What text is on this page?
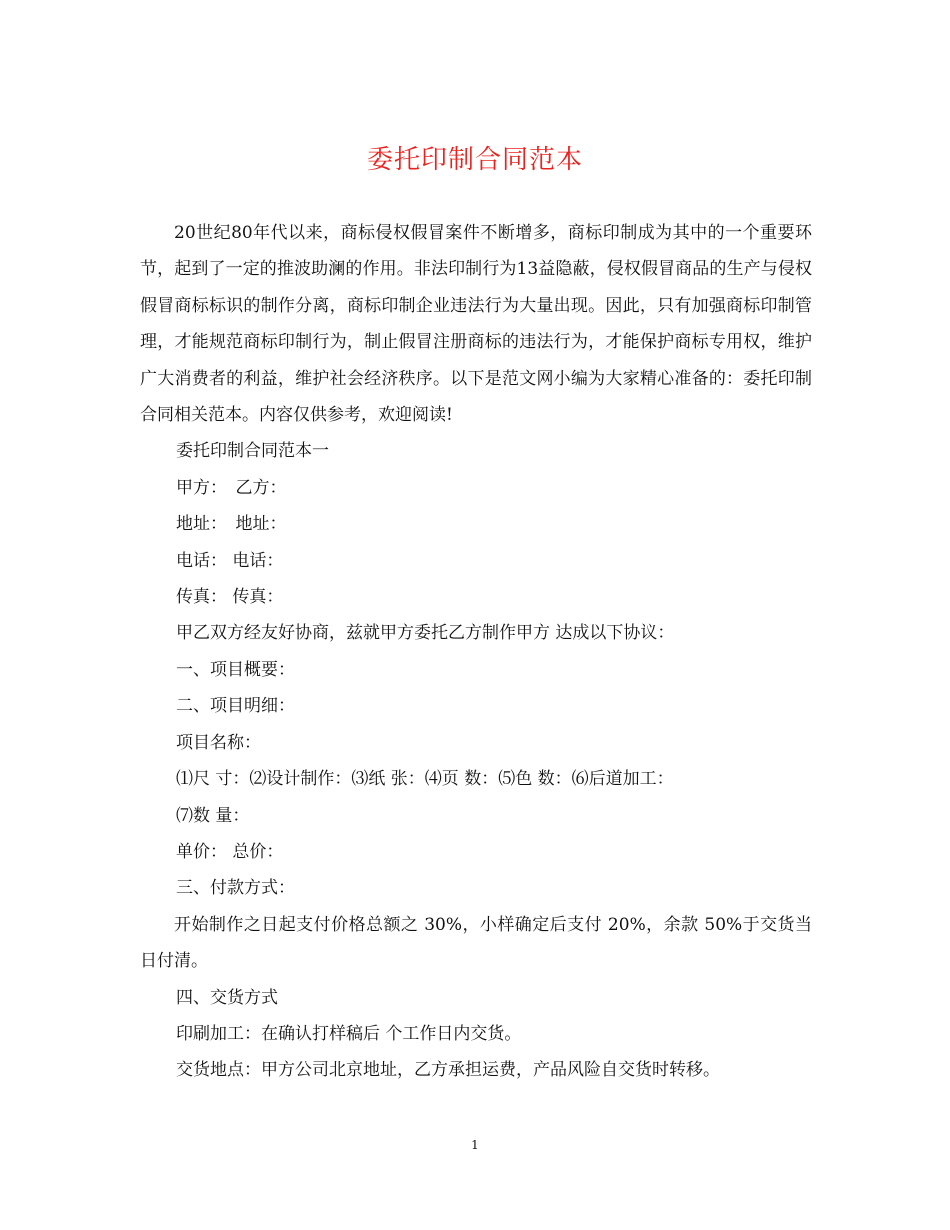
委托印制合同范本

20世纪80年代以来，商标侵权假冒案件不断增多，商标印制成为其中的一个重要环节，起到了一定的推波助澜的作用。非法印制行为13益隐蔽，侵权假冒商品的生产与侵权假冒商标标识的制作分离，商标印制企业违法行为大量出现。因此，只有加强商标印制管理，才能规范商标印制行为，制止假冒注册商标的违法行为，才能保护商标专用权，维护广大消费者的利益，维护社会经济秩序。以下是范文网小编为大家精心准备的：委托印制合同相关范本。内容仅供参考，欢迎阅读!

委托印制合同范本一

甲方：　乙方：

地址：　地址：

电话： 电话：

传真： 传真：

甲乙双方经友好协商，兹就甲方委托乙方制作甲方 达成以下协议：

一、项目概要：

二、项目明细：

项目名称：

⑴尺 寸：⑵设计制作：⑶纸 张：⑷页 数：⑸色 数：⑹后道加工：

⑺数 量：

单价： 总价：

三、付款方式：

开始制作之日起支付价格总额之 30%，小样确定后支付 20%，余款 50%于交货当日付清。

四、交货方式

印刷加工：在确认打样稿后 个工作日内交货。

交货地点：甲方公司北京地址，乙方承担运费，产品风险自交货时转移。

1
